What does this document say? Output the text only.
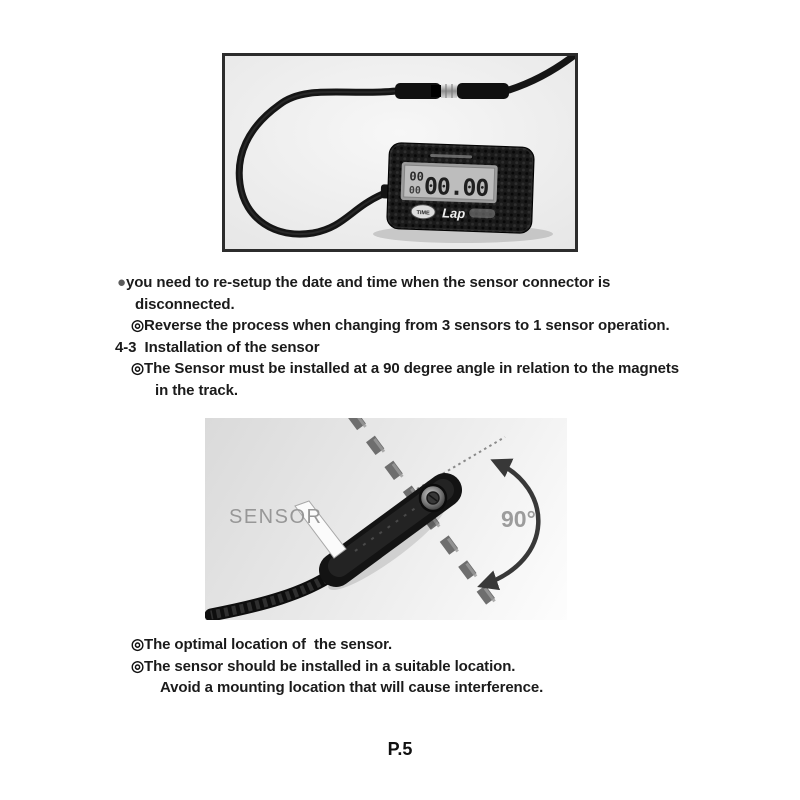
00
00 00.00
TIME Lap
●you need to re-setup the date and time when the sensor connector is
disconnected.
◎Reverse the process when changing from 3 sensors to 1 sensor operation.
4-3  Installation of the sensor
◎The Sensor must be installed at a 90 degree angle in relation to the magnets
in the track.
SENSOR	90°
◎The optimal location of  the sensor.
◎The sensor should be installed in a suitable location.
Avoid a mounting location that will cause interference.
P.5
